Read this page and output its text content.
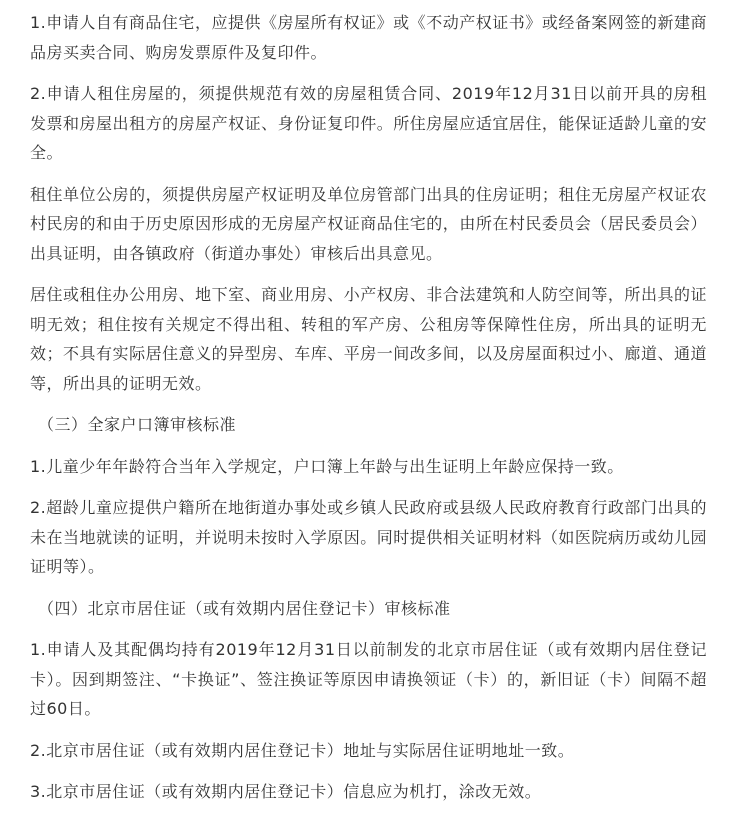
1.申请人自有商品住宅，应提供《房屋所有权证》或《不动产权证书》或经备案网签的新建商品房买卖合同、购房发票原件及复印件。

2.申请人租住房屋的，须提供规范有效的房屋租赁合同、2019年12月31日以前开具的房租发票和房屋出租方的房屋产权证、身份证复印件。所住房屋应适宜居住，能保证适龄儿童的安全。

租住单位公房的，须提供房屋产权证明及单位房管部门出具的住房证明；租住无房屋产权证农村民房的和由于历史原因形成的无房屋产权证商品住宅的，由所在村民委员会（居民委员会）出具证明，由各镇政府（街道办事处）审核后出具意见。

居住或租住办公用房、地下室、商业用房、小产权房、非合法建筑和人防空间等，所出具的证明无效；租住按有关规定不得出租、转租的军产房、公租房等保障性住房，所出具的证明无效；不具有实际居住意义的异型房、车库、平房一间改多间，以及房屋面积过小、廊道、通道等，所出具的证明无效。

（三）全家户口簿审核标准

1.儿童少年年龄符合当年入学规定，户口簿上年龄与出生证明上年龄应保持一致。

2.超龄儿童应提供户籍所在地街道办事处或乡镇人民政府或县级人民政府教育行政部门出具的未在当地就读的证明，并说明未按时入学原因。同时提供相关证明材料（如医院病历或幼儿园证明等）。

（四）北京市居住证（或有效期内居住登记卡）审核标准

1.申请人及其配偶均持有2019年12月31日以前制发的北京市居住证（或有效期内居住登记卡）。因到期签注、“卡换证”、签注换证等原因申请换领证（卡）的，新旧证（卡）间隔不超过60日。

2.北京市居住证（或有效期内居住登记卡）地址与实际居住证明地址一致。

3.北京市居住证（或有效期内居住登记卡）信息应为机打，涂改无效。
